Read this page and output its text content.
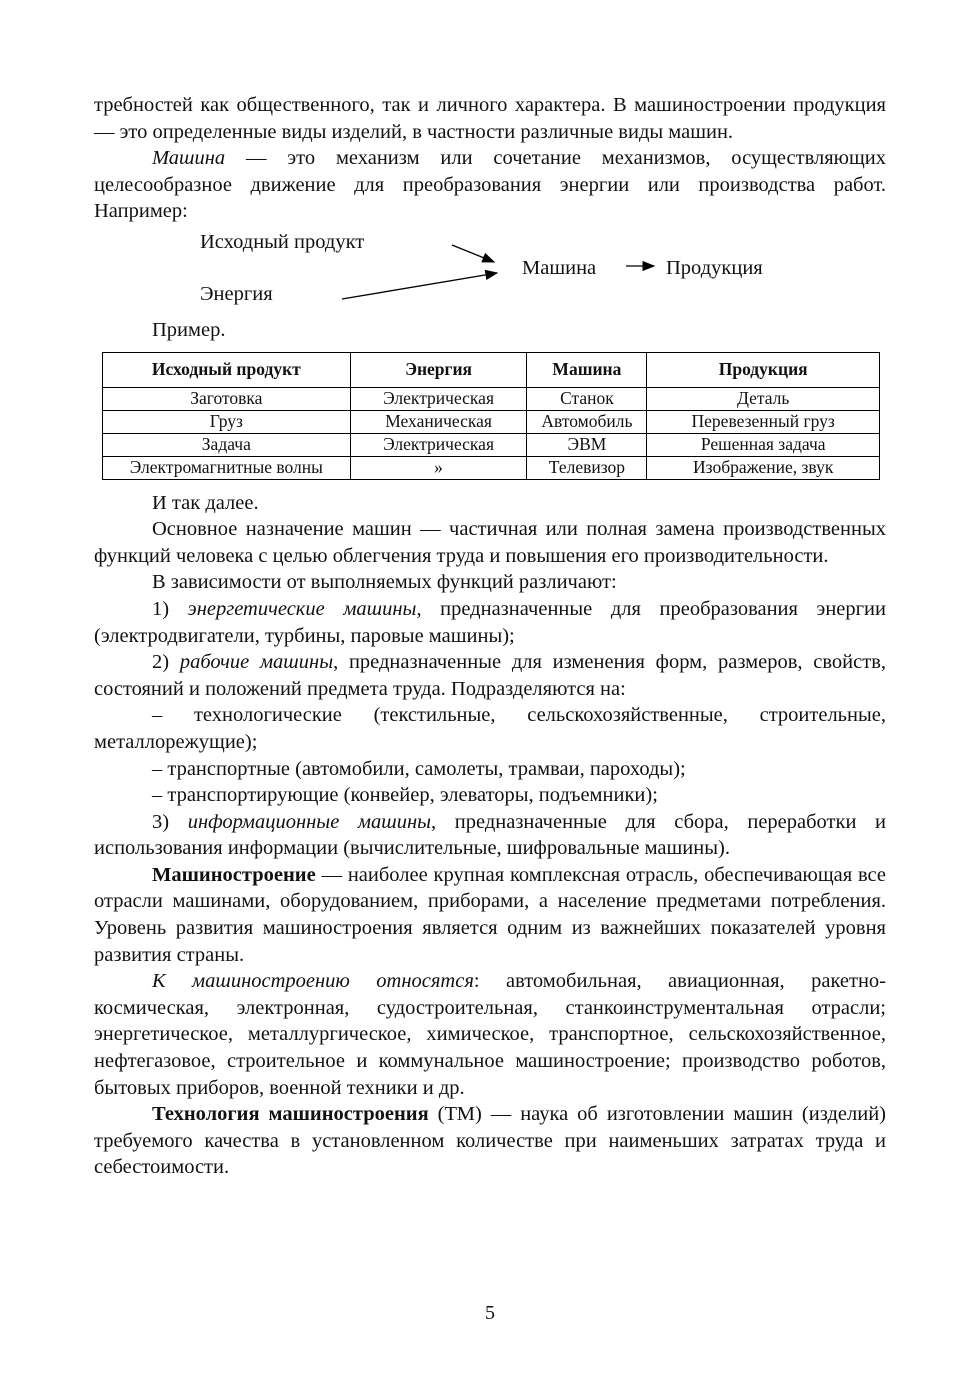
требностей как общественного, так и личного характера. В машиностроении продукция — это определенные виды изделий, в частности различные виды машин.

Машина — это механизм или сочетание механизмов, осуществляющих целесообразное движение для преобразования энергии или производства работ. Например:

Исходный продукт
Энергия
Машина	Продукция

Пример.

Исходный продукт	Энергия	Машина	Продукция
Заготовка	Электрическая	Станок	Деталь
Груз	Механическая	Автомобиль	Перевезенный груз
Задача	Электрическая	ЭВМ	Решенная задача
Электромагнитные волны	»	Телевизор	Изображение, звук

И так далее.

Основное назначение машин — частичная или полная замена производственных функций человека с целью облегчения труда и повышения его производительности.

В зависимости от выполняемых функций различают:

1) энергетические машины, предназначенные для преобразования энергии (электродвигатели, турбины, паровые машины);

2) рабочие машины, предназначенные для изменения форм, размеров, свойств, состояний и положений предмета труда. Подразделяются на:

– технологические (текстильные, сельскохозяйственные, строительные, металлорежущие);

– транспортные (автомобили, самолеты, трамваи, пароходы);

– транспортирующие (конвейер, элеваторы, подъемники);

3) информационные машины, предназначенные для сбора, переработки и использования информации (вычислительные, шифровальные машины).

Машиностроение — наиболее крупная комплексная отрасль, обеспечивающая все отрасли машинами, оборудованием, приборами, а население предметами потребления. Уровень развития машиностроения является одним из важнейших показателей уровня развития страны.

К машиностроению относятся: автомобильная, авиационная, ракетно-космическая, электронная, судостроительная, станкоинструментальная отрасли; энергетическое, металлургическое, химическое, транспортное, сельскохозяйственное, нефтегазовое, строительное и коммунальное машиностроение; производство роботов, бытовых приборов, военной техники и др.

Технология машиностроения (ТМ) — наука об изготовлении машин (изделий) требуемого качества в установленном количестве при наименьших затратах труда и себестоимости.

5
